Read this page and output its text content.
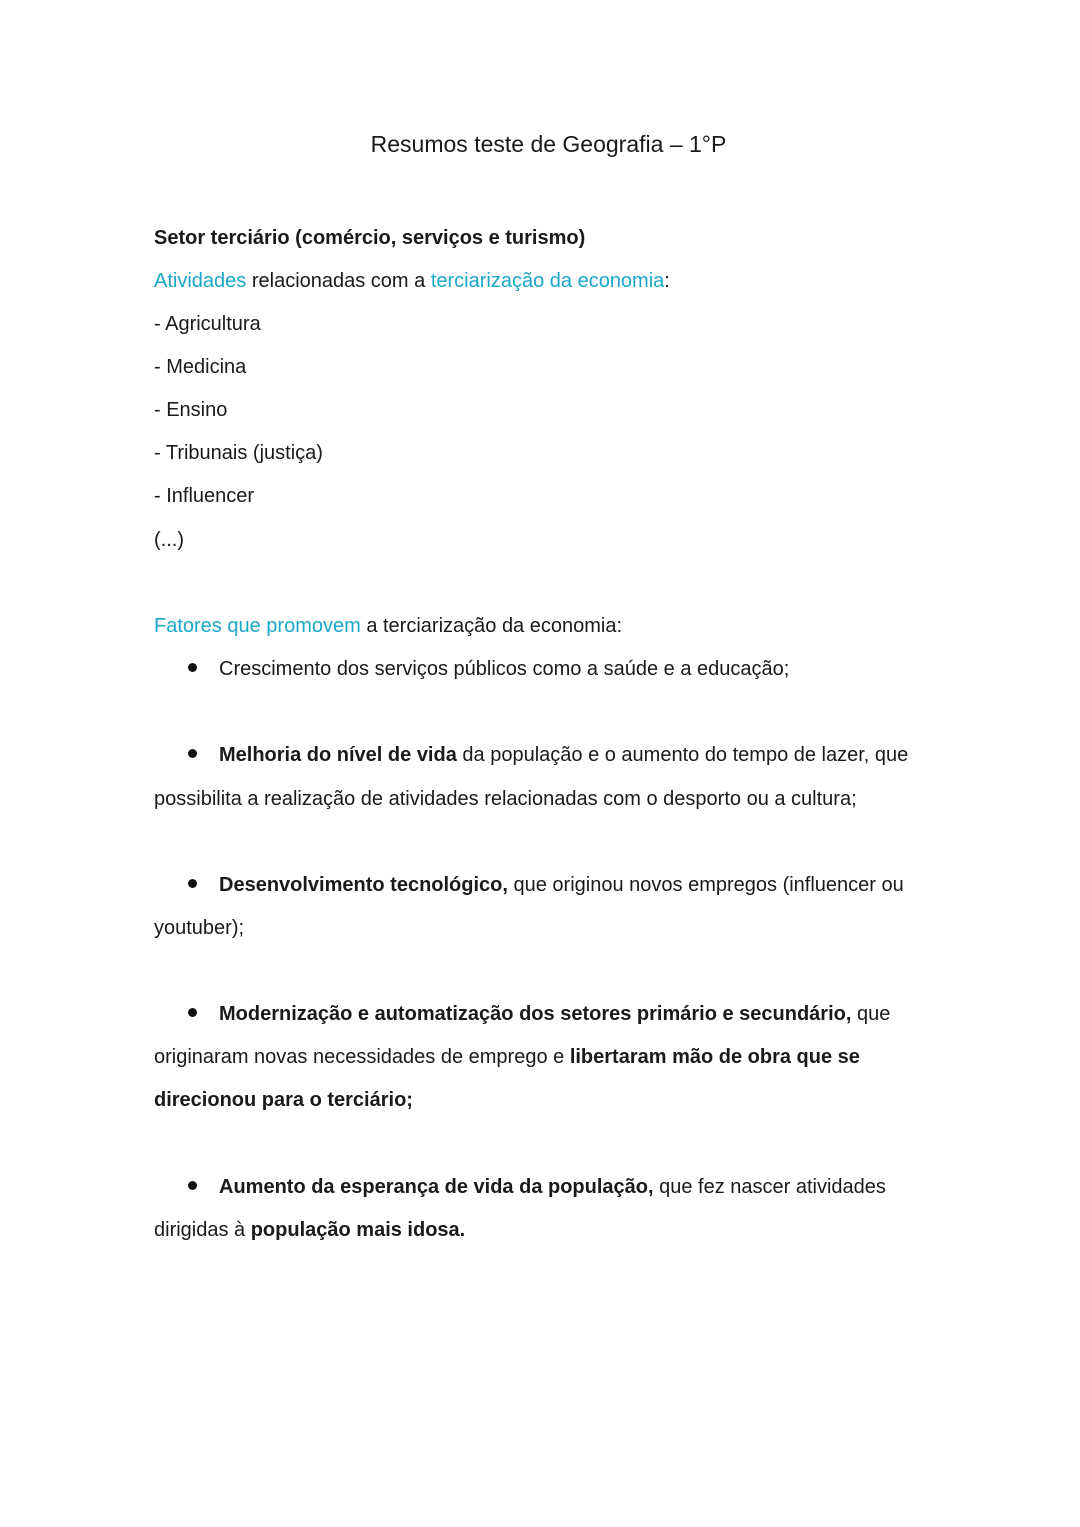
Resumos teste de Geografia – 1°P
Setor terciário (comércio, serviços e turismo)
Atividades relacionadas com a terciarização da economia:
- Agricultura
- Medicina
- Ensino
- Tribunais (justiça)
- Influencer
(...)
Fatores que promovem a terciarização da economia:
Crescimento dos serviços públicos como a saúde e a educação;
Melhoria do nível de vida da população e o aumento do tempo de lazer, que
possibilita a realização de atividades relacionadas com o desporto ou a cultura;
Desenvolvimento tecnológico, que originou novos empregos (influencer ou
youtuber);
Modernização e automatização dos setores primário e secundário, que
originaram novas necessidades de emprego e libertaram mão de obra que se
direcionou para o terciário;
Aumento da esperança de vida da população, que fez nascer atividades
dirigidas à população mais idosa.
